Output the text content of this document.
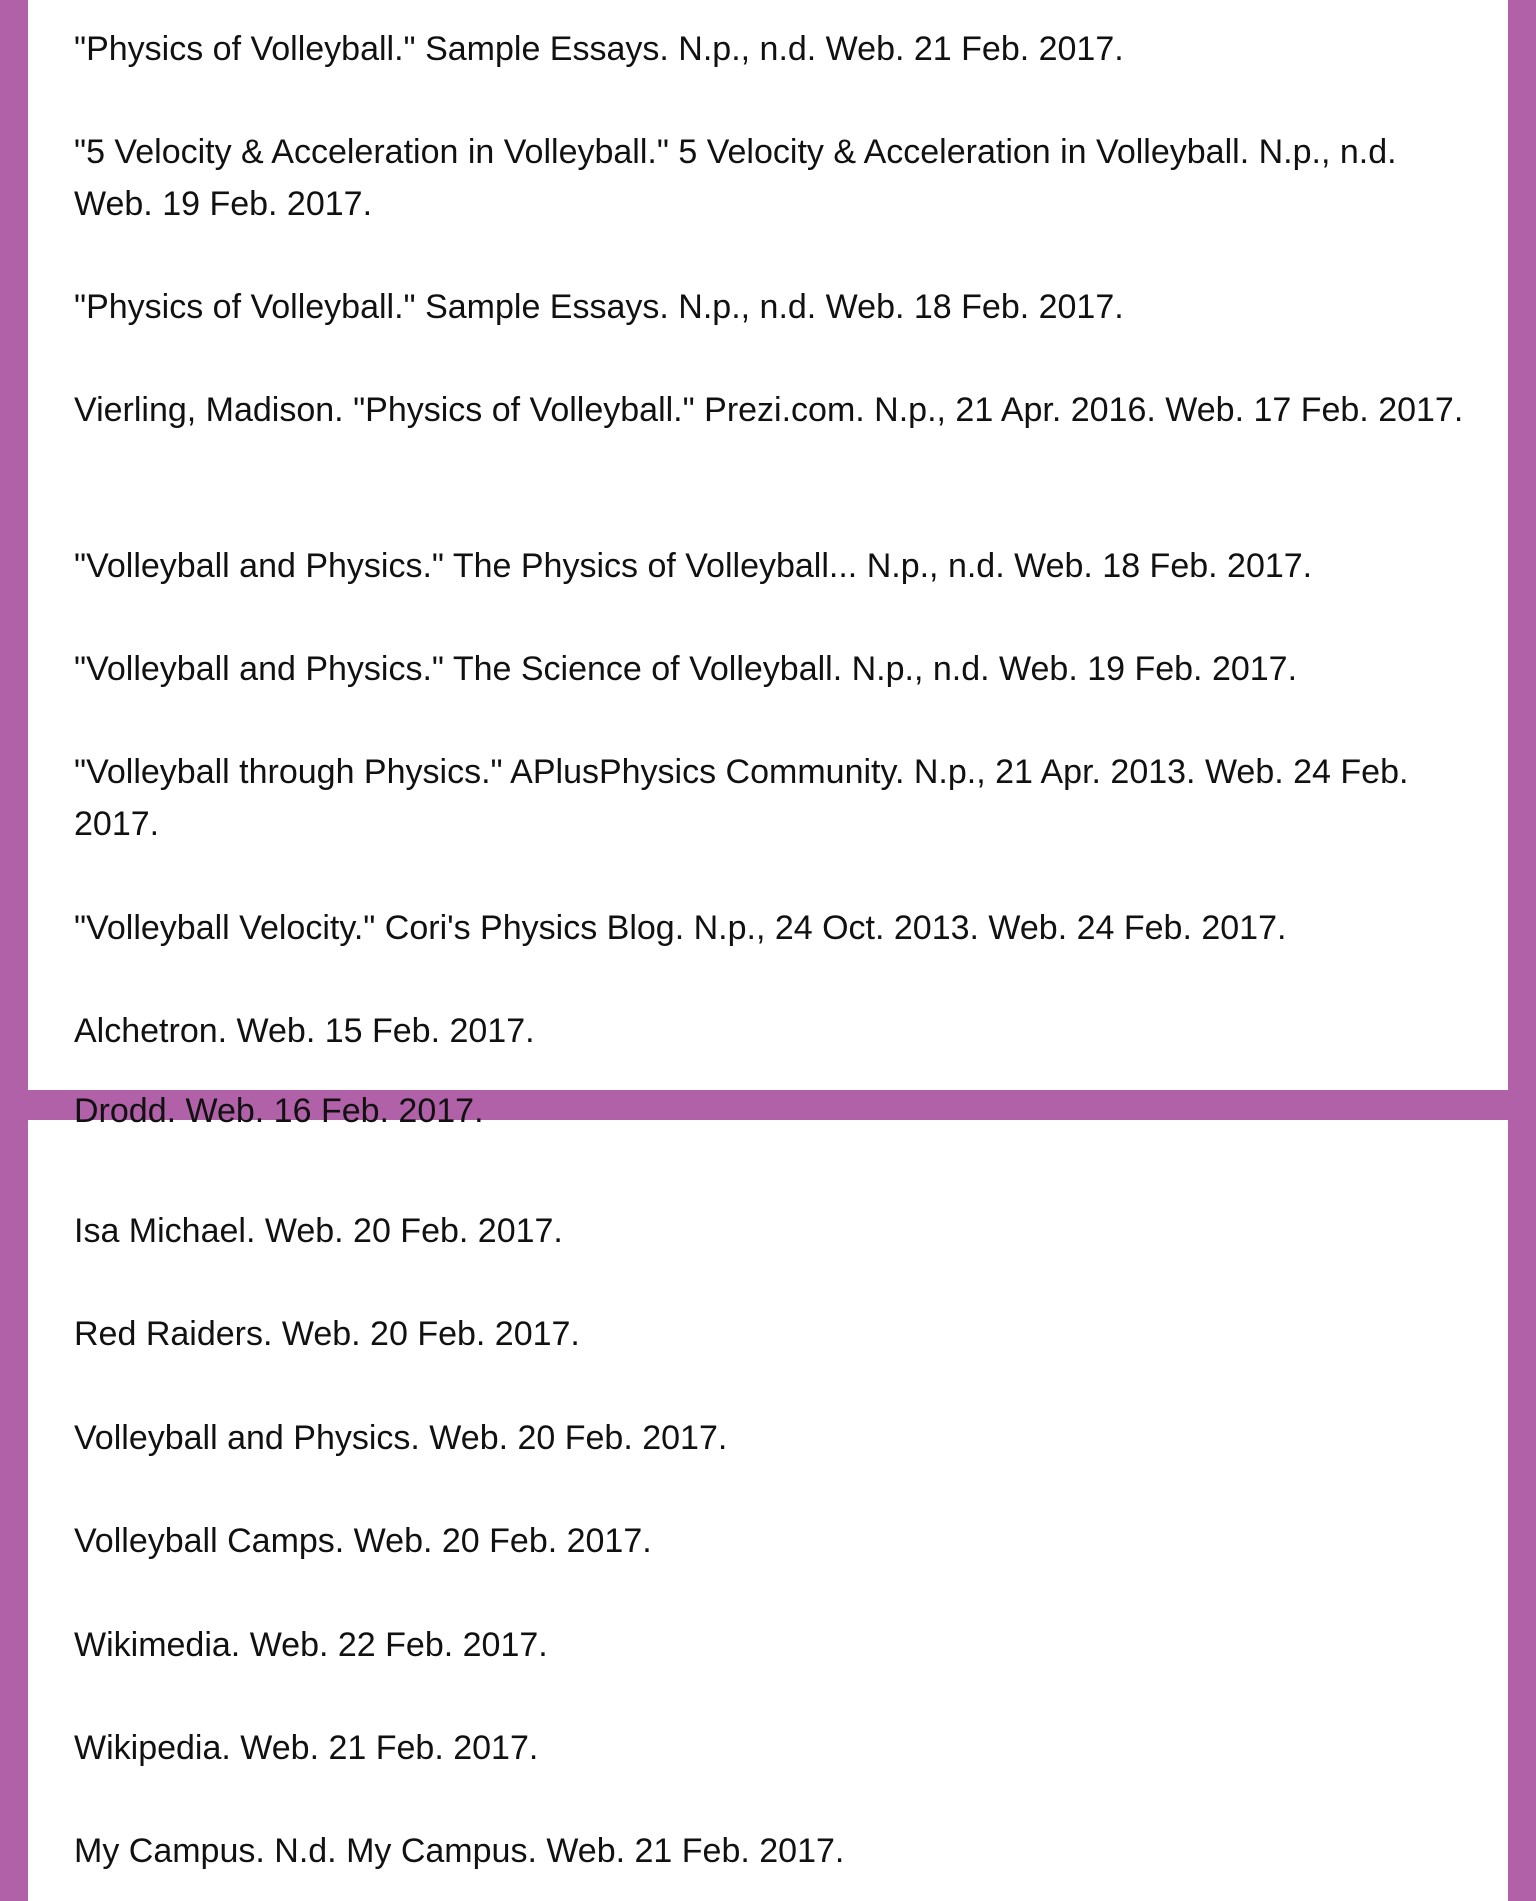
"Physics of Volleyball." Sample Essays. N.p., n.d. Web. 21 Feb. 2017.

"5 Velocity & Acceleration in Volleyball." 5 Velocity & Acceleration in Volleyball. N.p., n.d. Web. 19 Feb. 2017.

"Physics of Volleyball." Sample Essays. N.p., n.d. Web. 18 Feb. 2017.

Vierling, Madison. "Physics of Volleyball." Prezi.com. N.p., 21 Apr. 2016. Web. 17 Feb. 2017.

"Volleyball and Physics." The Physics of Volleyball... N.p., n.d. Web. 18 Feb. 2017.

"Volleyball and Physics." The Science of Volleyball. N.p., n.d. Web. 19 Feb. 2017.

"Volleyball through Physics." APlusPhysics Community. N.p., 21 Apr. 2013. Web. 24 Feb. 2017.

"Volleyball Velocity." Cori's Physics Blog. N.p., 24 Oct. 2013. Web. 24 Feb. 2017.

Alchetron. Web. 15 Feb. 2017.

Drodd. Web. 16 Feb. 2017.

Isa Michael. Web. 20 Feb. 2017.

Red Raiders. Web. 20 Feb. 2017.

Volleyball and Physics. Web. 20 Feb. 2017.

Volleyball Camps. Web. 20 Feb. 2017.

Wikimedia. Web. 22 Feb. 2017.

Wikipedia. Web. 21 Feb. 2017.

My Campus. N.d. My Campus. Web. 21 Feb. 2017.
